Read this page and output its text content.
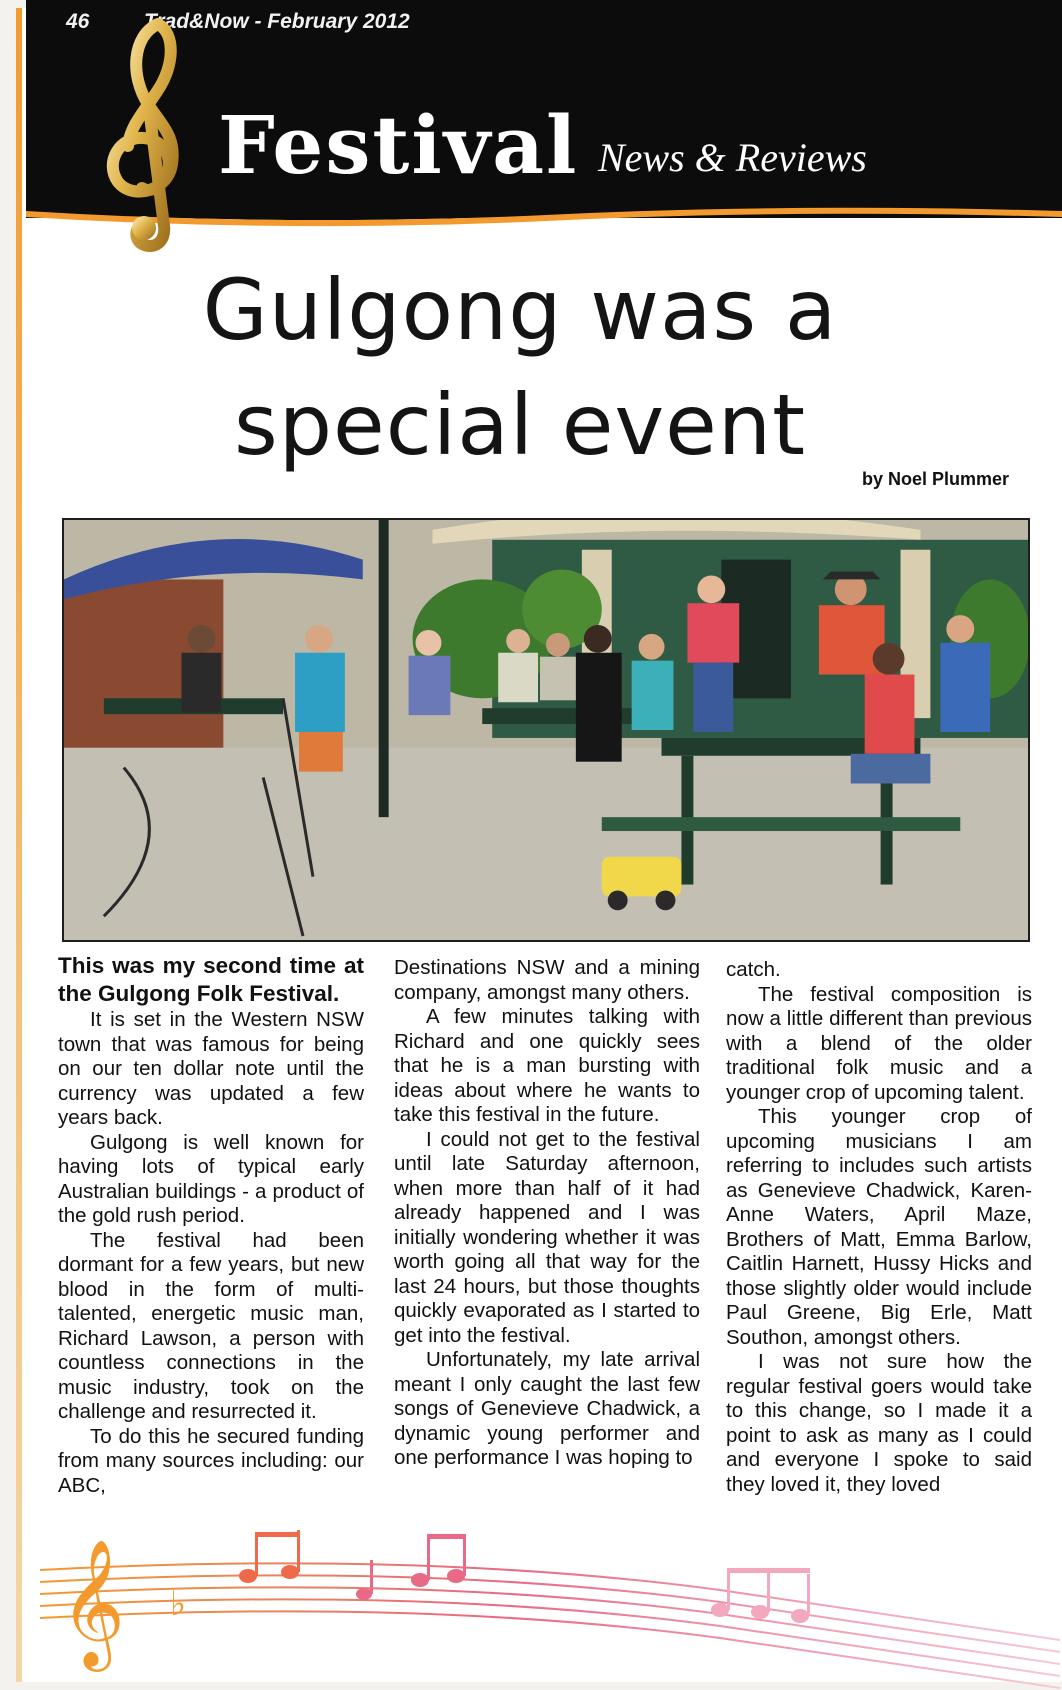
46	Trad&Now - February 2012
Festival News & Reviews
Gulgong was a
special event
by Noel Plummer

This was my second time at the Gulgong Folk Festival.

It is set in the Western NSW town that was famous for being on our ten dollar note until the currency was updated a few years back.

Gulgong is well known for having lots of typical early Australian buildings - a product of the gold rush period.

The festival had been dormant for a few years, but new blood in the form of multi-talented, energetic music man, Richard Lawson, a person with countless connections in the music industry, took on the challenge and resurrected it.

To do this he secured funding from many sources including: our ABC,

Destinations NSW and a mining company, amongst many others.

A few minutes talking with Richard and one quickly sees that he is a man bursting with ideas about where he wants to take this festival in the future.

I could not get to the festival until late Saturday afternoon, when more than half of it had already happened and I was initially wondering whether it was worth going all that way for the last 24 hours, but those thoughts quickly evaporated as I started to get into the festival.

Unfortunately, my late arrival meant I only caught the last few songs of Genevieve Chadwick, a dynamic young performer and one performance I was hoping to

catch.

The festival composition is now a little different than previous with a blend of the older traditional folk music and a younger crop of upcoming talent.

This younger crop of upcoming musicians I am referring to includes such artists as Genevieve Chadwick, Karen-Anne Waters, April Maze, Brothers of Matt, Emma Barlow, Caitlin Harnett, Hussy Hicks and those slightly older would include Paul Greene, Big Erle, Matt Southon, amongst others.

I was not sure how the regular festival goers would take to this change, so I made it a point to ask as many as I could and everyone I spoke to said they loved it, they loved

𝄞 ♭
